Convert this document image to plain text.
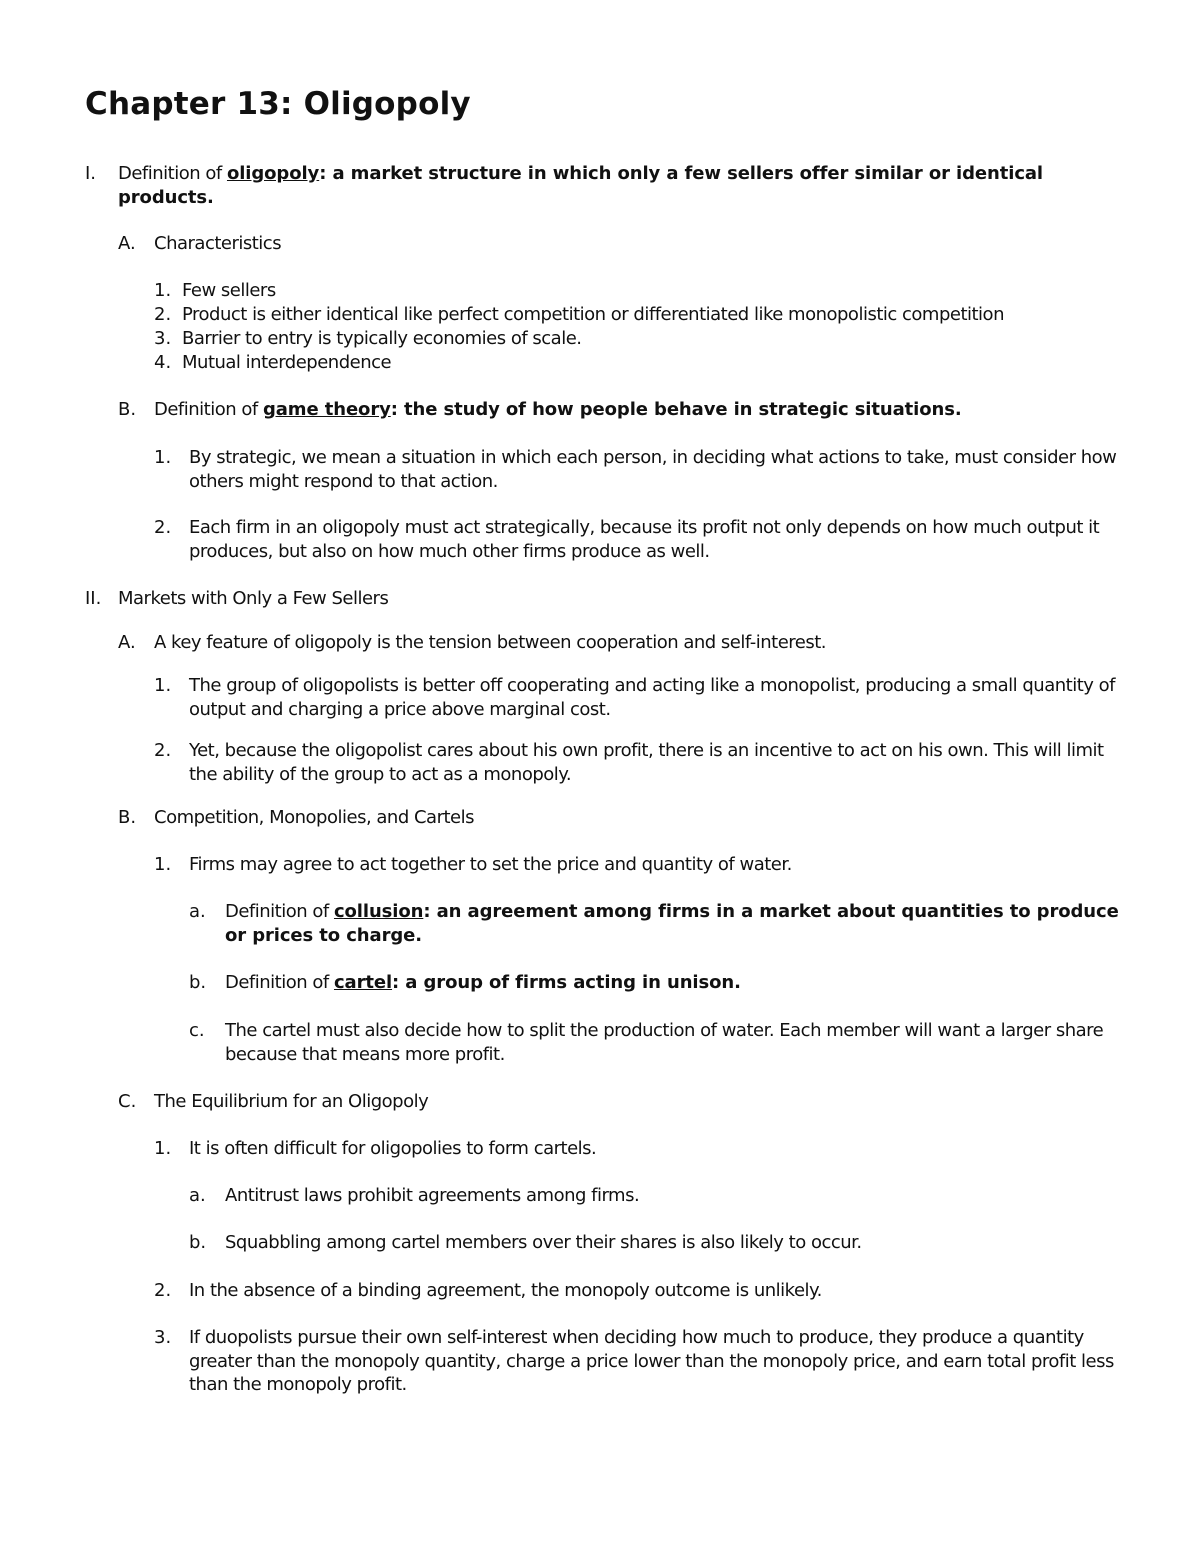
Chapter 13: Oligopoly
I. Definition of oligopoly: a market structure in which only a few sellers offer similar or identical products.
A. Characteristics
1. Few sellers
2. Product is either identical like perfect competition or differentiated like monopolistic competition
3. Barrier to entry is typically economies of scale.
4. Mutual interdependence
B. Definition of game theory: the study of how people behave in strategic situations.
1. By strategic, we mean a situation in which each person, in deciding what actions to take, must consider how others might respond to that action.
2. Each firm in an oligopoly must act strategically, because its profit not only depends on how much output it produces, but also on how much other firms produce as well.
II. Markets with Only a Few Sellers
A. A key feature of oligopoly is the tension between cooperation and self-interest.
1. The group of oligopolists is better off cooperating and acting like a monopolist, producing a small quantity of output and charging a price above marginal cost.
2. Yet, because the oligopolist cares about his own profit, there is an incentive to act on his own. This will limit the ability of the group to act as a monopoly.
B. Competition, Monopolies, and Cartels
1. Firms may agree to act together to set the price and quantity of water.
a. Definition of collusion: an agreement among firms in a market about quantities to produce or prices to charge.
b. Definition of cartel: a group of firms acting in unison.
c. The cartel must also decide how to split the production of water. Each member will want a larger share because that means more profit.
C. The Equilibrium for an Oligopoly
1. It is often difficult for oligopolies to form cartels.
a. Antitrust laws prohibit agreements among firms.
b. Squabbling among cartel members over their shares is also likely to occur.
2. In the absence of a binding agreement, the monopoly outcome is unlikely.
3. If duopolists pursue their own self-interest when deciding how much to produce, they produce a quantity greater than the monopoly quantity, charge a price lower than the monopoly price, and earn total profit less than the monopoly profit.
